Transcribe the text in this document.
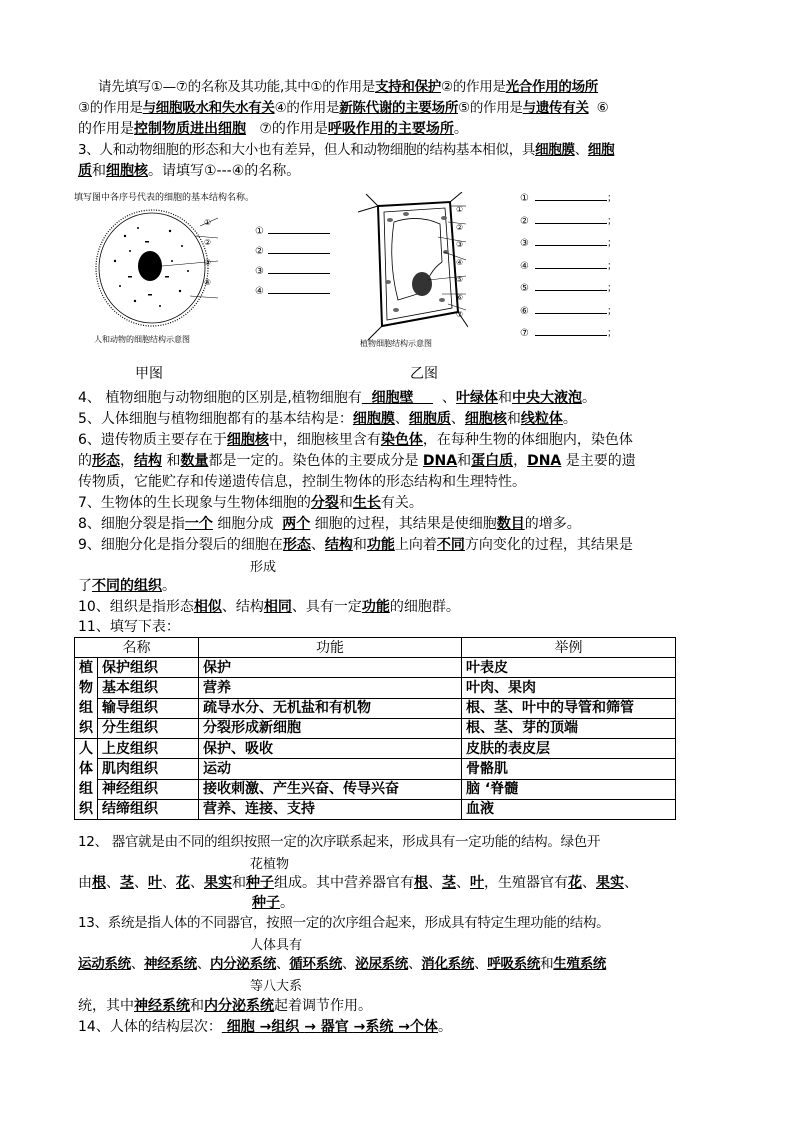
请先填写①—⑦的名称及其功能,其中①的作用是支持和保护②的作用是光合作用的场所
③的作用是与细胞吸水和失水有关④的作用是新陈代谢的主要场所⑤的作用是与遗传有关 ⑥
的作用是控制物质进出细胞 ⑦的作用是呼吸作用的主要场所。
3、人和动物细胞的形态和大小也有差异，但人和动物细胞的结构基本相似，具细胞膜、细胞
质和细胞核。请填写①---④的名称。
填写图中各序号代表的细胞的基本结构名称。
①
②
③
④
人和动物的细胞结构示意图
①
②
③
④
①
②
③
④
⑤
⑥
⑦
植物细胞结构示意图
①	；
②	；
③	；
④	；
⑤	；
⑥	；
⑦	；
甲图	乙图
4、 植物细胞与动物细胞的区别是,植物细胞有 细胞壁 、叶绿体和中央大液泡。
5、人体细胞与植物细胞都有的基本结构是：细胞膜、细胞质、细胞核和线粒体。
6、遗传物质主要存在于细胞核中，细胞核里含有染色体，在每种生物的体细胞内，染色体
的形态，结构 和数量都是一定的。染色体的主要成分是 DNA和蛋白质，DNA 是主要的遗
传物质，它能贮存和传递遗传信息，控制生物体的形态结构和生理特性。
7、生物体的生长现象与生物体细胞的分裂和生长有关。
8、细胞分裂是指一个 细胞分成 两个 细胞的过程，其结果是使细胞数目的增多。
9、细胞分化是指分裂后的细胞在形态、结构和功能上向着不同方向变化的过程，其结果是
形成
了不同的组织。
10、组织是指形态相似、结构相同、具有一定功能的细胞群。
11、填写下表：
名称		功能	举例
植物组织	保护组织	保护	叶表皮
	基本组织	营养	叶肉、果肉
	输导组织	疏导水分、无机盐和有机物	根、茎、叶中的导管和筛管
	分生组织	分裂形成新细胞	根、茎、芽的顶端
人体组织	上皮组织	保护、吸收	皮肤的表皮层
	肌肉组织	运动	骨骼肌
	神经组织	接收刺激、产生兴奋、传导兴奋	脑 ‘脊髓
	结缔组织	营养、连接、支持	血液
12、 器官就是由不同的组织按照一定的次序联系起来，形成具有一定功能的结构。绿色开
花植物
由根、茎、叶、花、果实和种子组成。其中营养器官有根、茎、叶，生殖器官有花、果实、
种子。
13、系统是指人体的不同器官，按照一定的次序组合起来，形成具有特定生理功能的结构。
人体具有
运动系统、神经系统、内分泌系统、循环系统、泌尿系统、消化系统、呼吸系统和生殖系统
等八大系
统，其中神经系统和内分泌系统起着调节作用。
14、人体的结构层次： 细胞 →组织 → 器官 →系统 →个体。
